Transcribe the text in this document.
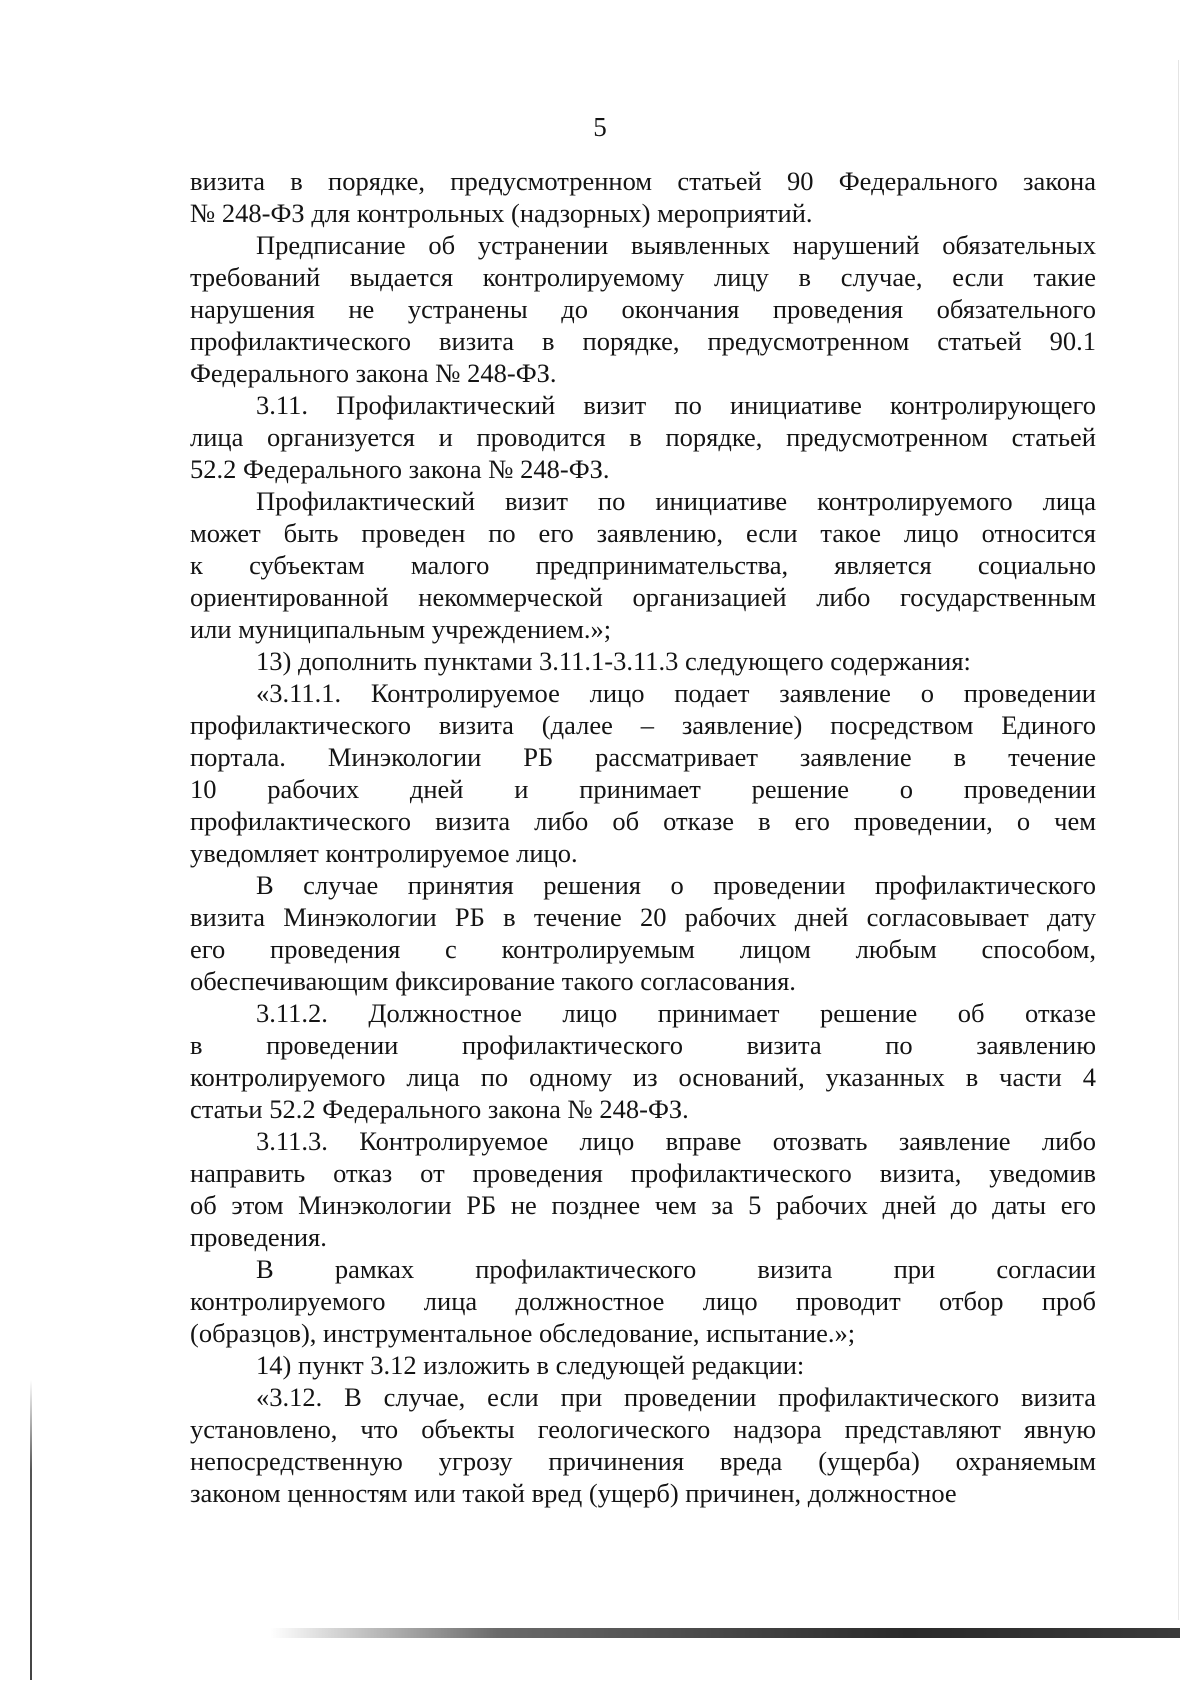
5
визита в порядке, предусмотренном статьей 90 Федерального закона
№ 248-ФЗ для контрольных (надзорных) мероприятий.
Предписание об устранении выявленных нарушений обязательных
требований выдается контролируемому лицу в случае, если такие
нарушения не устранены до окончания проведения обязательного
профилактического визита в порядке, предусмотренном статьей 90.1
Федерального закона № 248-ФЗ.
3.11. Профилактический визит по инициативе контролирующего
лица организуется и проводится в порядке, предусмотренном статьей
52.2 Федерального закона № 248-ФЗ.
Профилактический визит по инициативе контролируемого лица
может быть проведен по его заявлению, если такое лицо относится
к субъектам малого предпринимательства, является социально
ориентированной некоммерческой организацией либо государственным
или муниципальным учреждением.»;
13) дополнить пунктами 3.11.1-3.11.3 следующего содержания:
«3.11.1. Контролируемое лицо подает заявление о проведении
профилактического визита (далее – заявление) посредством Единого
портала. Минэкологии РБ рассматривает заявление в течение
10 рабочих дней и принимает решение о проведении
профилактического визита либо об отказе в его проведении, о чем
уведомляет контролируемое лицо.
В случае принятия решения о проведении профилактического
визита Минэкологии РБ в течение 20 рабочих дней согласовывает дату
его проведения с контролируемым лицом любым способом,
обеспечивающим фиксирование такого согласования.
3.11.2. Должностное лицо принимает решение об отказе
в проведении профилактического визита по заявлению
контролируемого лица по одному из оснований, указанных в части 4
статьи 52.2 Федерального закона № 248-ФЗ.
3.11.3. Контролируемое лицо вправе отозвать заявление либо
направить отказ от проведения профилактического визита, уведомив
об этом Минэкологии РБ не позднее чем за 5 рабочих дней до даты его
проведения.
В рамках профилактического визита при согласии
контролируемого лица должностное лицо проводит отбор проб
(образцов), инструментальное обследование, испытание.»;
14) пункт 3.12 изложить в следующей редакции:
«3.12. В случае, если при проведении профилактического визита
установлено, что объекты геологического надзора представляют явную
непосредственную угрозу причинения вреда (ущерба) охраняемым
законом ценностям или такой вред (ущерб) причинен, должностное
